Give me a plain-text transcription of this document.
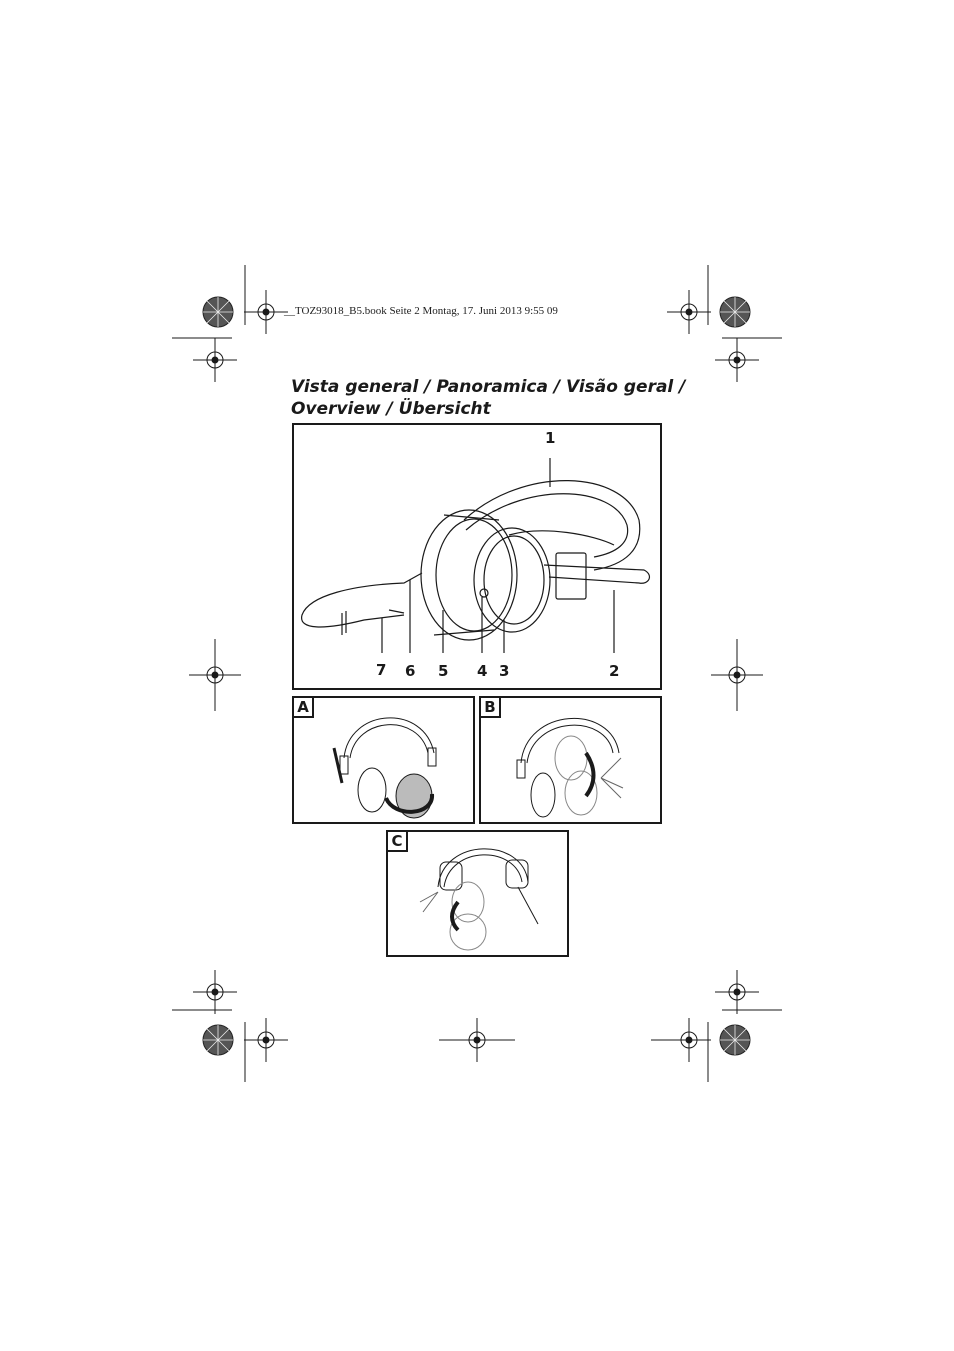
__TOZ93018_B5.book Seite 2 Montag, 17. Juni 2013 9:55 09
Vista general / Panoramica / Visão geral /
Overview / Übersicht
1
2
3
4
5
6
7
A	B
C
